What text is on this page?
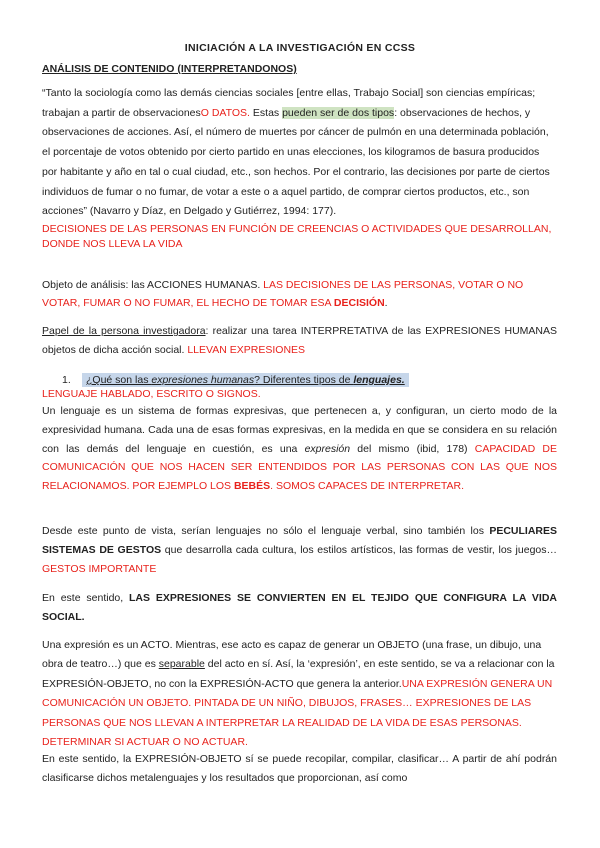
INICIACIÓN A LA INVESTIGACIÓN EN CCSS
ANÁLISIS DE CONTENIDO (INTERPRETANDONOS)
“Tanto la sociología como las demás ciencias sociales [entre ellas, Trabajo Social] son ciencias empíricas; trabajan a partir de observacionesO DATOS. Estas pueden ser de dos tipos: observaciones de hechos, y observaciones de acciones. Así, el número de muertes por cáncer de pulmón en una determinada población, el porcentaje de votos obtenido por cierto partido en unas elecciones, los kilogramos de basura producidos por habitante y año en tal o cual ciudad, etc., son hechos. Por el contrario, las decisiones por parte de ciertos individuos de fumar o no fumar, de votar a este o a aquel partido, de comprar ciertos productos, etc., son acciones” (Navarro y Díaz, en Delgado y Gutiérrez, 1994: 177).
DECISIONES DE LAS PERSONAS EN FUNCIÓN DE CREENCIAS O ACTIVIDADES QUE DESARROLLAN, DONDE NOS LLEVA LA VIDA
Objeto de análisis: las ACCIONES HUMANAS. LAS DECISIONES DE LAS PERSONAS, VOTAR O NO VOTAR, FUMAR O NO FUMAR, EL HECHO DE TOMAR ESA DECISIÓN.
Papel de la persona investigadora: realizar una tarea INTERPRETATIVA de las EXPRESIONES HUMANAS objetos de dicha acción social. LLEVAN EXPRESIONES
1. ¿Qué son las expresiones humanas? Diferentes tipos de lenguajes.
LENGUAJE HABLADO, ESCRITO O SIGNOS.
Un lenguaje es un sistema de formas expresivas, que pertenecen a, y configuran, un cierto modo de la expresividad humana. Cada una de esas formas expresivas, en la medida en que se considera en su relación con las demás del lenguaje en cuestión, es una expresión del mismo (ibid, 178) CAPACIDAD DE COMUNICACIÓN QUE NOS HACEN SER ENTENDIDOS POR LAS PERSONAS CON LAS QUE NOS RELACIONAMOS. POR EJEMPLO LOS BEBÉS. SOMOS CAPACES DE INTERPRETAR.
Desde este punto de vista, serían lenguajes no sólo el lenguaje verbal, sino también los PECULIARES SISTEMAS DE GESTOS que desarrolla cada cultura, los estilos artísticos, las formas de vestir, los juegos… GESTOS IMPORTANTE
En este sentido, LAS EXPRESIONES SE CONVIERTEN EN EL TEJIDO QUE CONFIGURA LA VIDA SOCIAL.
Una expresión es un ACTO. Mientras, ese acto es capaz de generar un OBJETO (una frase, un dibujo, una obra de teatro…) que es separable del acto en sí. Así, la ‘expresión’, en este sentido, se va a relacionar con la EXPRESIÓN-OBJETO, no con la EXPRESIÓN-ACTO que genera la anterior.UNA EXPRESIÓN GENERA UN COMUNICACIÓN UN OBJETO. PINTADA DE UN NIÑO, DIBUJOS, FRASES… EXPRESIONES DE LAS PERSONAS QUE NOS LLEVAN A INTERPRETAR LA REALIDAD DE LA VIDA DE ESAS PERSONAS. DETERMINAR SI ACTUAR O NO ACTUAR.
En este sentido, la EXPRESIÓN-OBJETO sí se puede recopilar, compilar, clasificar… A partir de ahí podrán clasificarse dichos metalenguajes y los resultados que proporcionan, así como
